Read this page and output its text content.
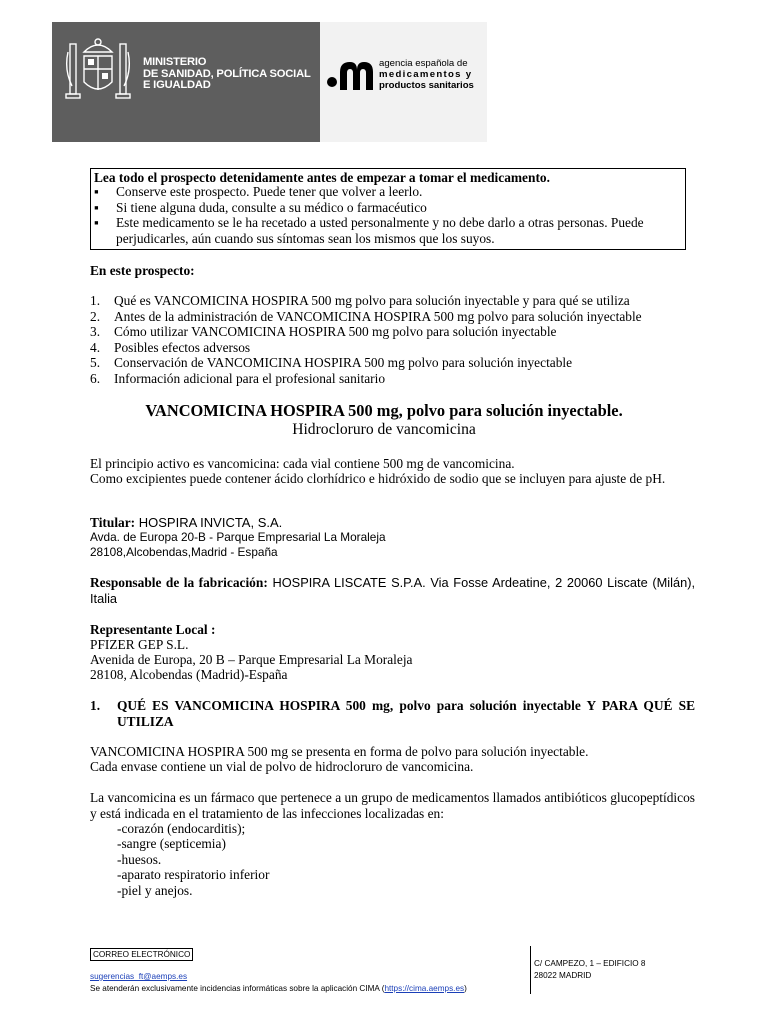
MINISTERIO
DE SANIDAD, POLÍTICA SOCIAL
E IGUALDAD
agencia española de
medicamentos y
productos sanitarios
Lea todo el prospecto detenidamente antes de empezar a tomar el medicamento.
▪ Conserve este prospecto. Puede tener que volver a leerlo.
▪ Si tiene alguna duda, consulte a su médico o farmacéutico
▪ Este medicamento se le ha recetado a usted personalmente y no debe darlo a otras personas. Puede perjudicarles, aún cuando sus síntomas sean los mismos que los suyos.
En este prospecto:
1. Qué es VANCOMICINA HOSPIRA 500 mg polvo para solución inyectable y para qué se utiliza
2. Antes de la administración de VANCOMICINA HOSPIRA 500 mg polvo para solución inyectable
3. Cómo utilizar VANCOMICINA HOSPIRA 500 mg polvo para solución inyectable
4. Posibles efectos adversos
5. Conservación de VANCOMICINA HOSPIRA 500 mg polvo para solución inyectable
6. Información adicional para el profesional sanitario
VANCOMICINA HOSPIRA 500 mg, polvo para solución inyectable.
Hidrocloruro de vancomicina
El principio activo es vancomicina: cada vial contiene 500 mg de vancomicina.
Como excipientes puede contener ácido clorhídrico e hidróxido de sodio que se incluyen para ajuste de pH.
Titular: HOSPIRA INVICTA, S.A.
Avda. de Europa 20-B - Parque Empresarial La Moraleja
28108,Alcobendas,Madrid - España
Responsable de la fabricación: HOSPIRA LISCATE S.P.A. Via Fosse Ardeatine, 2 20060 Liscate (Milán), Italia
Representante Local :
PFIZER GEP S.L.
Avenida de Europa, 20 B – Parque Empresarial La Moraleja
28108, Alcobendas (Madrid)-España
1. QUÉ ES VANCOMICINA HOSPIRA 500 mg, polvo para solución inyectable Y PARA QUÉ SE UTILIZA
VANCOMICINA HOSPIRA 500 mg se presenta en forma de polvo para solución inyectable.
Cada envase contiene un vial de polvo de hidrocloruro de vancomicina.
La vancomicina es un fármaco que pertenece a un grupo de medicamentos llamados antibióticos glucopeptídicos y está indicada en el tratamiento de las infecciones localizadas en:
-corazón (endocarditis);
-sangre (septicemia)
-huesos.
-aparato respiratorio inferior
-piel y anejos.
CORREO ELECTRÓNICO
sugerencias_ft@aemps.es
Se atenderán exclusivamente incidencias informáticas sobre la aplicación CIMA (https://cima.aemps.es)
C/ CAMPEZO, 1 – EDIFICIO 8
28022 MADRID
